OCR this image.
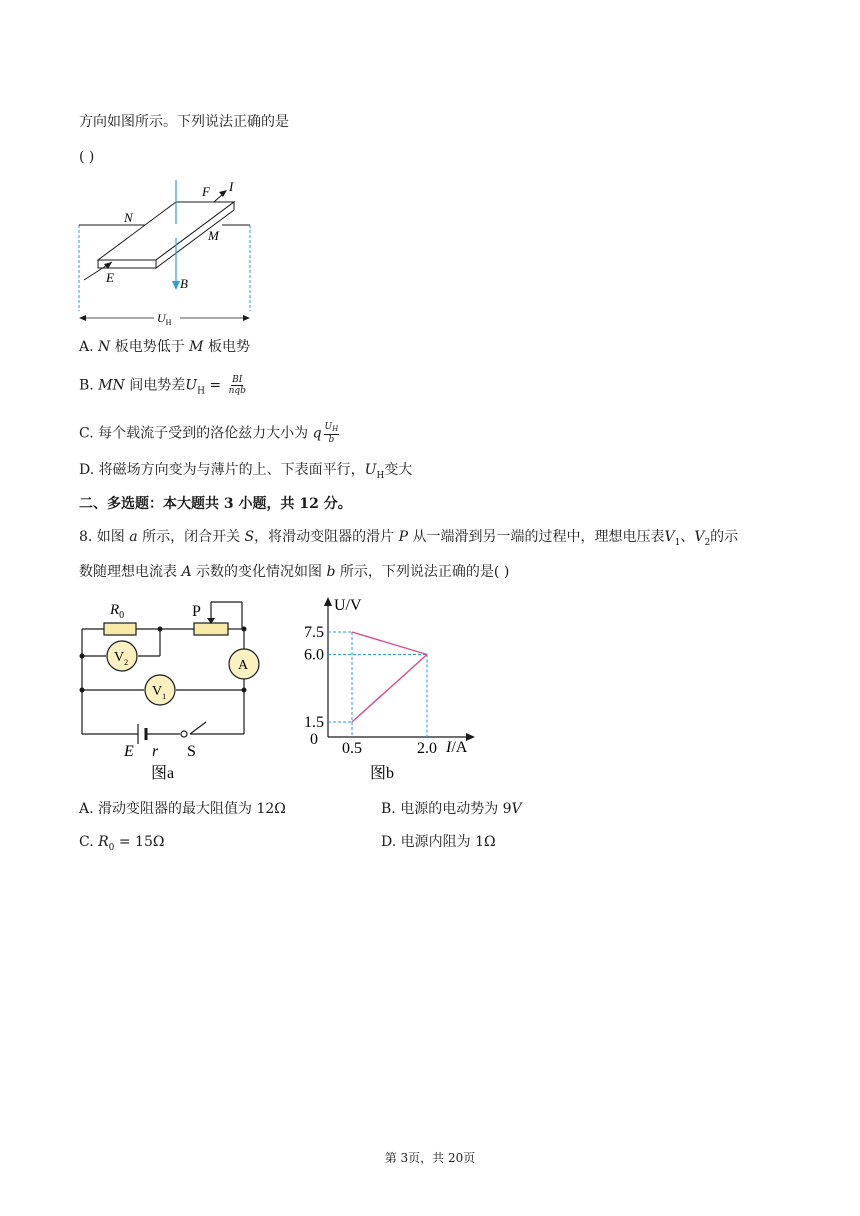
方向如图所示。下列说法正确的是
( )
N
M
E	B
F I
$U_H$
A. N 板电势低于 M 板电势
B. MN 间电势差$U_H = \frac{BI}{\text{nqb}}$
C. 每个载流子受到的洛伦兹力大小为 q $\frac{U_H}{b}$
D. 将磁场方向变为与薄片的上、下表面平行，$U_H$变大
二、多选题：本大题共 3 小题，共 12 分。
8. 如图 a 所示，闭合开关 S，将滑动变阻器的滑片 P 从一端滑到另一端的过程中，理想电压表$V_1$、$V_2$的示
数随理想电流表 A 示数的变化情况如图 b 所示，下列说法正确的是( )
$R_0$	P
$V_2$	A
$V_1$
E r S
图a
U/V
0	I/A
图b
1.5
6.0
7.5
0.5	2.0
A. 滑动变阻器的最大阻值为 12Ω	B. 电源的电动势为 9V
C. $R_0 = 15\Omega$	D. 电源内阻为 1Ω
第 3页，共 20页
